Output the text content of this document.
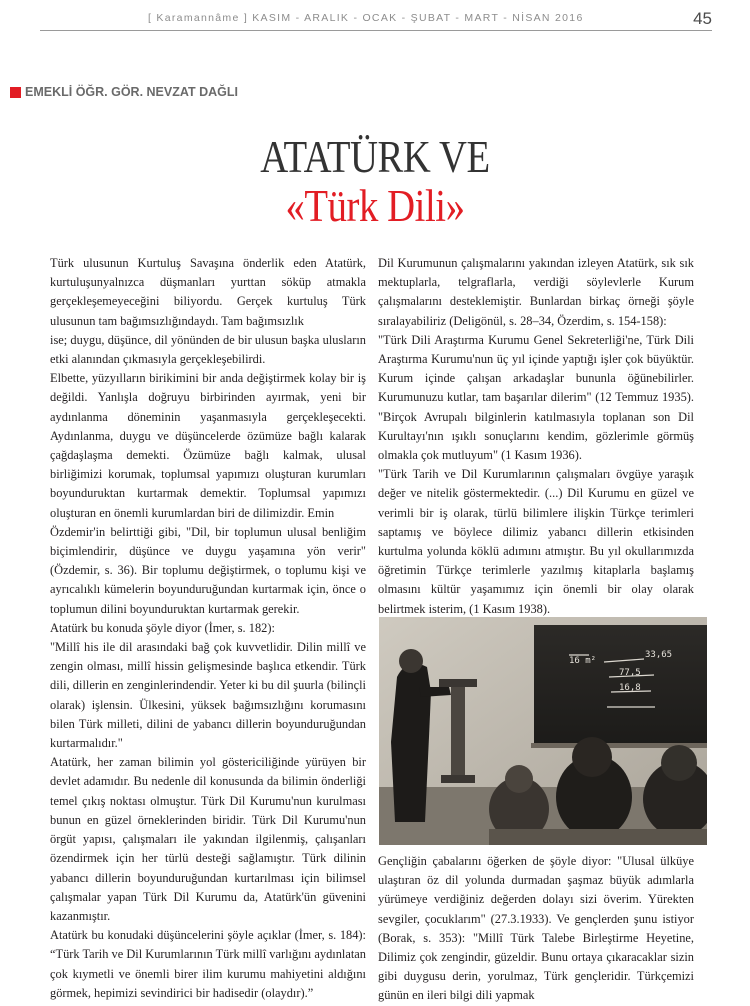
[ Karamannâme ] KASIM - ARALIK - OCAK - ŞUBAT - MART - NİSAN 2016	45
EMEKLİ ÖĞR. GÖR. NEVZAT DAĞLI
ATATÜRK VE
«Türk Dili»

Türk ulusunun Kurtuluş Savaşına önderlik eden Atatürk, kurtuluşunyalnızca düşmanları yurttan söküp atmakla gerçekleşemeyeceğini biliyordu. Gerçek kurtuluş Türk ulusunun tam bağımsızlığındaydı. Tam bağımsızlık

ise; duygu, düşünce, dil yönünden de bir ulusun başka ulusların etki alanından çıkmasıyla gerçekleşebilirdi.

Elbette, yüzyılların birikimini bir anda değiştirmek kolay bir iş değildi. Yanlışla doğruyu birbirinden ayırmak, yeni bir aydınlanma döneminin yaşanmasıyla gerçekleşecekti. Aydınlanma, duygu ve düşüncelerde özümüze bağlı kalarak çağdaşlaşma demekti. Özümüze bağlı kalmak, ulusal birliğimizi korumak, toplumsal yapımızı oluşturan kurumları boyunduruktan kurtarmak demektir. Toplumsal yapımızı oluşturan en önemli kurumlardan biri de dilimizdir. Emin

Özdemir'in belirttiği gibi, "Dil, bir toplumun ulusal benliğim biçimlendirir, düşünce ve duygu yaşamına yön verir" (Özdemir, s. 36). Bir toplumu değiştirmek, o toplumu kişi ve ayrıcalıklı kümelerin boyunduruğundan kurtarmak için, önce o toplumun dilini boyunduruktan kurtarmak gerekir.

Atatürk bu konuda şöyle diyor (İmer, s. 182):

"Millî his ile dil arasındaki bağ çok kuvvetlidir. Dilin millî ve zengin olması, millî hissin gelişmesinde başlıca etkendir. Türk dili, dillerin en zenginlerindendir. Yeter ki bu dil şuurla (bilinçli olarak) işlensin. Ülkesini, yüksek bağımsızlığını korumasını bilen Türk milleti, dilini de yabancı dillerin boyunduruğundan kurtarmalıdır."

Atatürk, her zaman bilimin yol göstericiliğinde yürüyen bir devlet adamıdır. Bu nedenle dil konusunda da bilimin önderliği temel çıkış noktası olmuştur. Türk Dil Kurumu'nun kurulması bunun en güzel örneklerinden biridir. Türk Dil Kurumu'nun örgüt yapısı, çalışmaları ile yakından ilgilenmiş, çalışanları özendirmek için her türlü desteği sağlamıştır. Türk dilinin yabancı dillerin boyunduruğundan kurtarılması için bilimsel çalışmalar yapan Türk Dil Kurumu da, Atatürk'ün güvenini kazanmıştır.

Atatürk bu konudaki düşüncelerini şöyle açıklar (İmer, s. 184): “Türk Tarih ve Dil Kurumlarının Türk millî varlığını aydınlatan çok kıymetli ve önemli birer ilim kurumu mahiyetini aldığını görmek, hepimizi sevindirici bir hadisedir (olaydır).”

Dil Kurumunun çalışmalarını yakından izleyen Atatürk, sık sık mektuplarla, telgraflarla, verdiği söylevlerle Kurum çalışmalarını desteklemiştir. Bunlardan birkaç örneği şöyle sıralayabiliriz (Deligönül, s. 28–34, Özerdim, s. 154-158):

"Türk Dili Araştırma Kurumu Genel Sekreterliği'ne, Türk Dili Araştırma Kurumu'nun üç yıl içinde yaptığı işler çok büyüktür. Kurum içinde çalışan arkadaşlar bununla öğünebilirler. Kurumunuzu kutlar, tam başarılar dilerim" (12 Temmuz 1935). "Birçok Avrupalı bilginlerin katılmasıyla toplanan son Dil Kurultayı'nın ışıklı sonuçlarını kendim, gözlerimle görmüş olmakla çok mutluyum" (1 Kasım 1936).

"Türk Tarih ve Dil Kurumlarının çalışmaları övgüye yaraşık değer ve nitelik göstermektedir. (...) Dil Kurumu en güzel ve verimli bir iş olarak, türlü bilimlere ilişkin Türkçe terimleri saptamış ve böylece dilimiz yabancı dillerin etkisinden kurtulma yolunda köklü adımını atmıştır. Bu yıl okullarımızda öğretimin Türkçe terimlerle yazılmış kitaplarla başlamış olmasını kültür yaşamımız için önemli bir olay olarak belirtmek isterim, (1 Kasım 1938).

16 m²
33,65
77,5
16,8

Gençliğin çabalarını öğerken de şöyle diyor: "Ulusal ülküye ulaştıran öz dil yolunda durmadan şaşmaz büyük adımlarla yürümeye verdiğiniz değerden dolayı sizi överim. Yürekten sevgiler, çocuklarım" (27.3.1933). Ve gençlerden şunu istiyor (Borak, s. 353): "Millî Türk Talebe Birleştirme Heyetine, Dilimiz çok zengindir, güzeldir. Bunu ortaya çıkaracaklar sizin gibi duygusu derin, yorulmaz, Türk gençleridir. Türkçemizi günün en ileri bilgi dili yapmak
